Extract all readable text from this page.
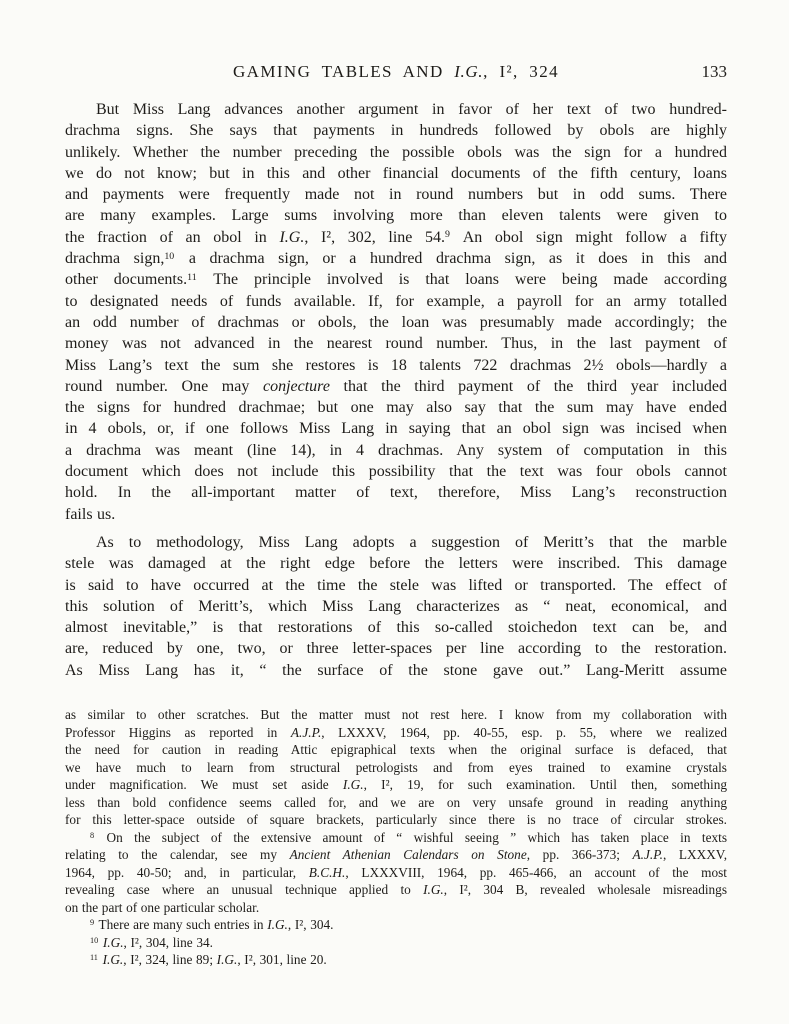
GAMING TABLES AND I.G., I², 324	133
But Miss Lang advances another argument in favor of her text of two hundred-
drachma signs. She says that payments in hundreds followed by obols are highly
unlikely. Whether the number preceding the possible obols was the sign for a hundred
we do not know; but in this and other financial documents of the fifth century, loans
and payments were frequently made not in round numbers but in odd sums. There
are many examples. Large sums involving more than eleven talents were given to
the fraction of an obol in I.G., I², 302, line 54.$^9$ An obol sign might follow a fifty
drachma sign,$^{10}$ a drachma sign, or a hundred drachma sign, as it does in this and
other documents.$^{11}$ The principle involved is that loans were being made according
to designated needs of funds available. If, for example, a payroll for an army totalled
an odd number of drachmas or obols, the loan was presumably made accordingly; the
money was not advanced in the nearest round number. Thus, in the last payment of
Miss Lang’s text the sum she restores is 18 talents 722 drachmas 2½ obols—hardly a
round number. One may conjecture that the third payment of the third year included
the signs for hundred drachmae; but one may also say that the sum may have ended
in 4 obols, or, if one follows Miss Lang in saying that an obol sign was incised when
a drachma was meant (line 14), in 4 drachmas. Any system of computation in this
document which does not include this possibility that the text was four obols cannot
hold. In the all-important matter of text, therefore, Miss Lang’s reconstruction
fails us.
As to methodology, Miss Lang adopts a suggestion of Meritt’s that the marble
stele was damaged at the right edge before the letters were inscribed. This damage
is said to have occurred at the time the stele was lifted or transported. The effect of
this solution of Meritt’s, which Miss Lang characterizes as “ neat, economical, and
almost inevitable,” is that restorations of this so-called stoichedon text can be, and
are, reduced by one, two, or three letter-spaces per line according to the restoration.
As Miss Lang has it, “ the surface of the stone gave out.” Lang-Meritt assume
as similar to other scratches. But the matter must not rest here. I know from my collaboration with
Professor Higgins as reported in A.J.P., LXXXV, 1964, pp. 40-55, esp. p. 55, where we realized
the need for caution in reading Attic epigraphical texts when the original surface is defaced, that
we have much to learn from structural petrologists and from eyes trained to examine crystals
under magnification. We must set aside I.G., I², 19, for such examination. Until then, something
less than bold confidence seems called for, and we are on very unsafe ground in reading anything
for this letter-space outside of square brackets, particularly since there is no trace of circular strokes.
$^8$ On the subject of the extensive amount of “ wishful seeing ” which has taken place in texts
relating to the calendar, see my Ancient Athenian Calendars on Stone, pp. 366-373; A.J.P., LXXXV,
1964, pp. 40-50; and, in particular, B.C.H., LXXXVIII, 1964, pp. 465-466, an account of the most
revealing case where an unusual technique applied to I.G., I², 304 B, revealed wholesale misreadings
on the part of one particular scholar.
$^9$ There are many such entries in I.G., I², 304.
$^{10}$ I.G., I², 304, line 34.
$^{11}$ I.G., I², 324, line 89; I.G., I², 301, line 20.
